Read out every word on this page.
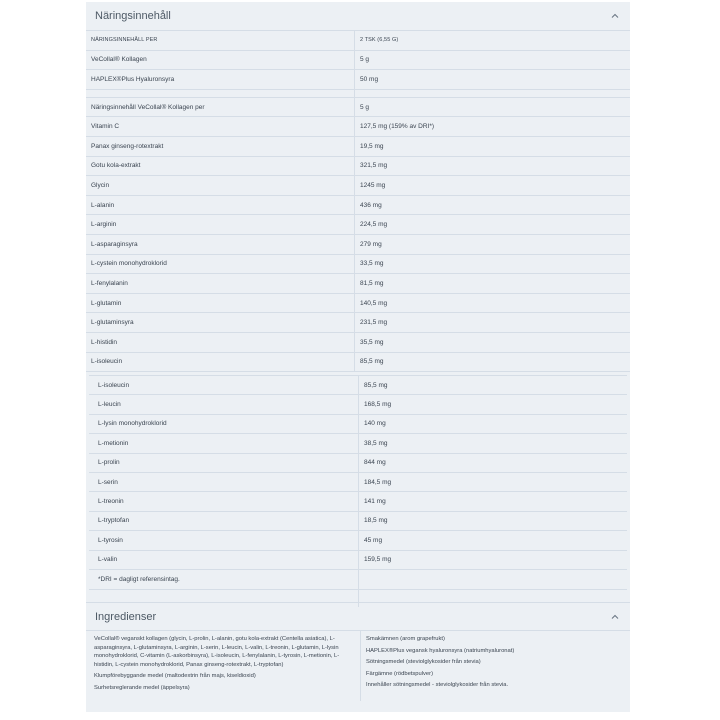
Näringsinnehåll
NÄRINGSINNEHÅLL PER	2 TSK (6,55 G)
VeCollal® Kollagen	5 g
HAPLEX®Plus Hyaluronsyra	50 mg
Näringsinnehåll VeCollal® Kollagen per	5 g
Vitamin C	127,5 mg (159% av DRI*)
Panax ginseng-rotextrakt	19,5 mg
Gotu kola-extrakt	321,5 mg
Glycin	1245 mg
L-alanin	436 mg
L-arginin	224,5 mg
L-asparaginsyra	279 mg
L-cystein monohydroklorid	33,5 mg
L-fenylalanin	81,5 mg
L-glutamin	140,5 mg
L-glutaminsyra	231,5 mg
L-histidin	35,5 mg
L-isoleucin	85,5 mg
L-isoleucin	85,5 mg
L-leucin	168,5 mg
L-lysin monohydroklorid	140 mg
L-metionin	38,5 mg
L-prolin	844 mg
L-serin	184,5 mg
L-treonin	141 mg
L-tryptofan	18,5 mg
L-tyrosin	45 mg
L-valin	159,5 mg
*DRI = dagligt referensintag.
Ingredienser

VeCollal® veganskt kollagen (glycin, L-prolin, L-alanin, gotu kola-extrakt (Centella asiatica), L-asparaginsyra, L-glutaminsyra, L-arginin, L-serin, L-leucin, L-valin, L-treonin, L-glutamin, L-lysin monohydroklorid, C-vitamin (L-askorbinsyra), L-isoleucin, L-fenylalanin, L-tyrosin, L-metionin, L-histidin, L-cystein monohydroklorid, Panax ginseng-rotextrakt, L-tryptofan)

Klumpförebyggande medel (maltodextrin från majs, kiseldioxid)

Surhetsreglerande medel (äppelsyra)

Smakämnen (arom grapefrukt)

HAPLEX®Plus vegansk hyaluronsyra (natriumhyaluronat)

Sötningsmedel (steviolglykosider från stevia)

Färgämne (rödbetspulver)

Innehåller sötningsmedel - steviolglykosider från stevia.
